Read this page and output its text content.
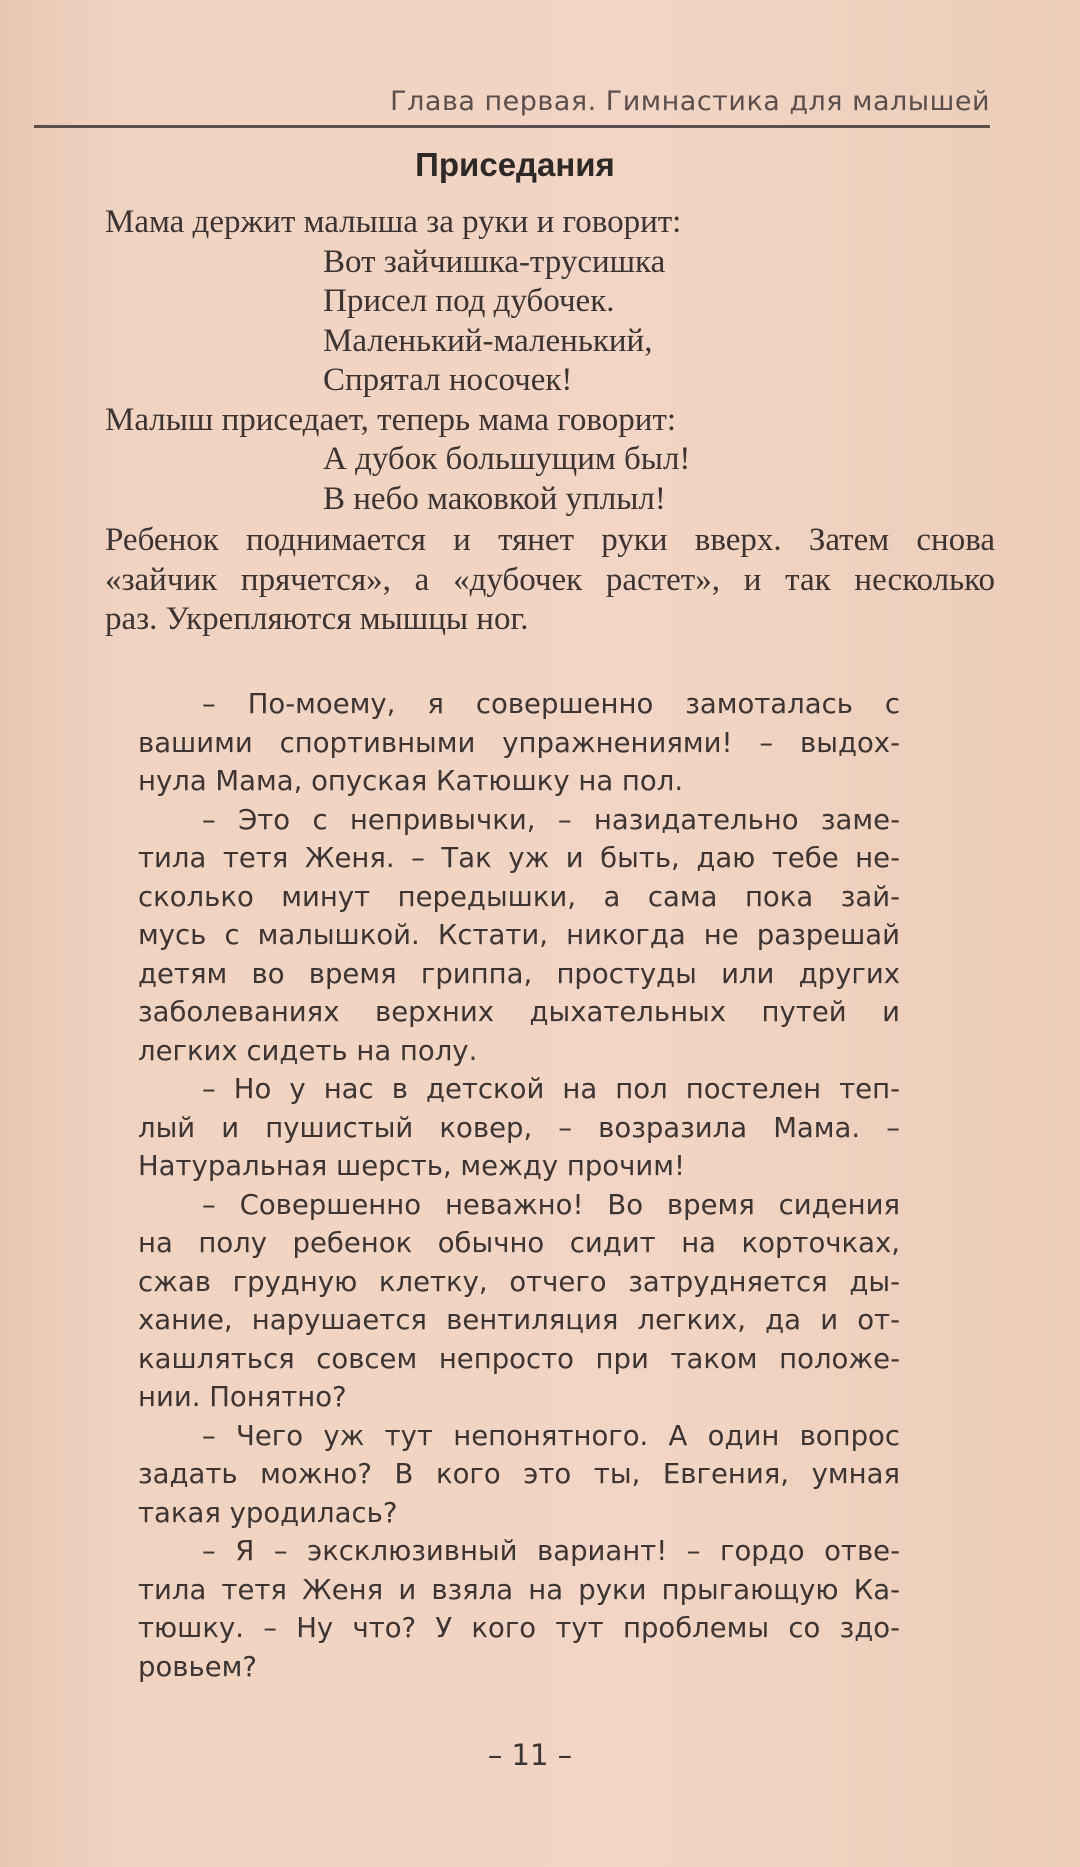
Глава первая. Гимнастика для малышей
Приседания
Мама держит малыша за руки и говорит:
Вот зайчишка-трусишка
Присел под дубочек.
Маленький-маленький,
Спрятал носочек!
Малыш приседает, теперь мама говорит:
А дубок большущим был!
В небо маковкой уплыл!
Ребенок поднимается и тянет руки вверх. Затем снова
«зайчик прячется», а «дубочек растет», и так несколько
раз. Укрепляются мышцы ног.
– По-моему, я совершенно замоталась с
вашими спортивными упражнениями! – выдох-
нула Мама, опуская Катюшку на пол.
– Это с непривычки, – назидательно заме-
тила тетя Женя. – Так уж и быть, даю тебе не-
сколько минут передышки, а сама пока зай-
мусь с малышкой. Кстати, никогда не разрешай
детям во время гриппа, простуды или других
заболеваниях верхних дыхательных путей и
легких сидеть на полу.
– Но у нас в детской на пол постелен теп-
лый и пушистый ковер, – возразила Мама. –
Натуральная шерсть, между прочим!
– Совершенно неважно! Во время сидения
на полу ребенок обычно сидит на корточках,
сжав грудную клетку, отчего затрудняется ды-
хание, нарушается вентиляция легких, да и от-
кашляться совсем непросто при таком положе-
нии. Понятно?
– Чего уж тут непонятного. А один вопрос
задать можно? В кого это ты, Евгения, умная
такая уродилась?
– Я – эксклюзивный вариант! – гордо отве-
тила тетя Женя и взяла на руки прыгающую Ка-
тюшку. – Ну что? У кого тут проблемы со здо-
ровьем?
– 11 –
